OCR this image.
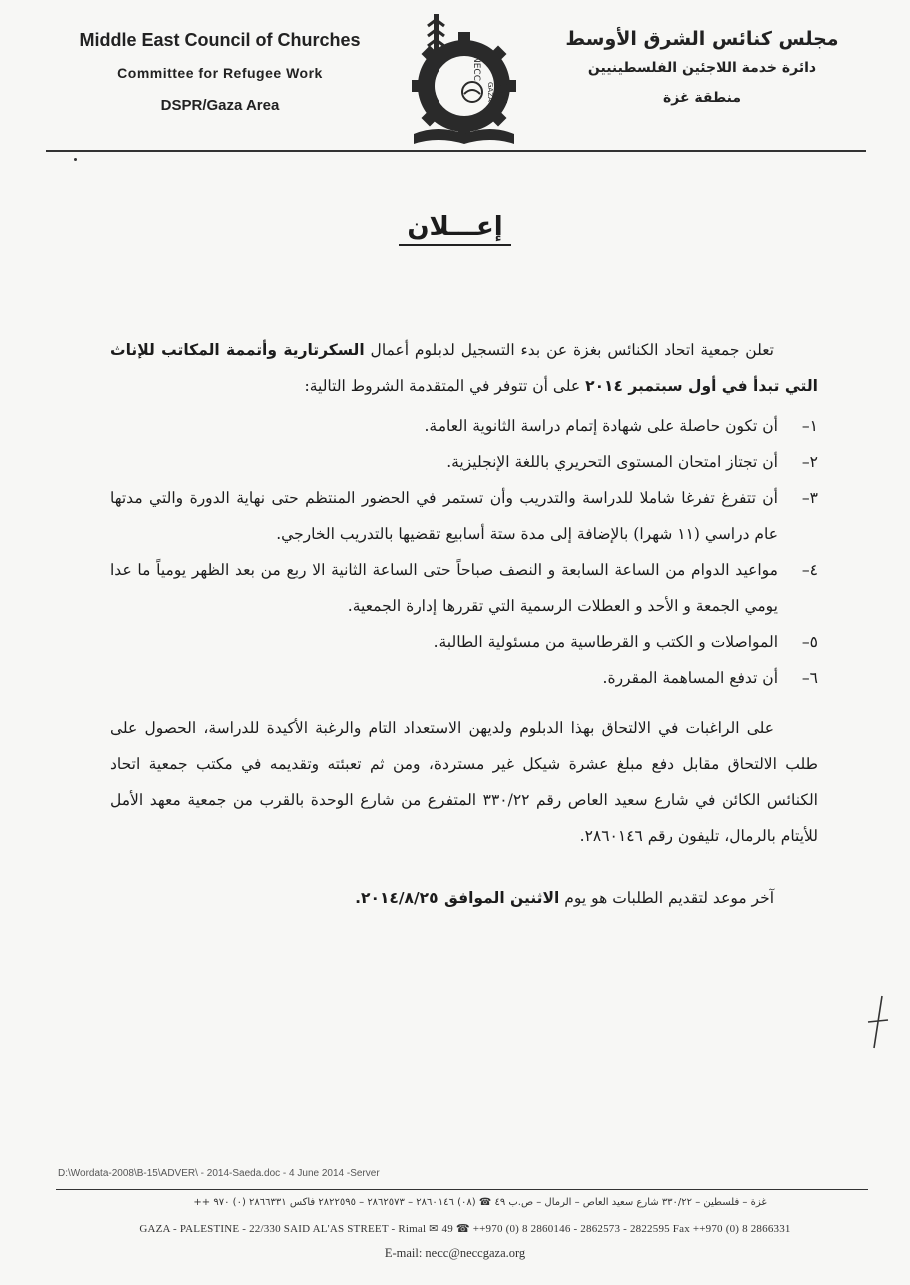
Middle East Council of Churches
Committee for Refugee Work
DSPR/Gaza Area
NECC
GAZA CRW
مجلس كنائس الشرق الأوسط
دائرة خدمة اللاجئين الفلسطينيين
منطقة غزة
إعـــلان

تعلن جمعية اتحاد الكنائس بغزة عن بدء التسجيل لدبلوم أعمال السكرتارية وأتممة المكاتب للإناث التي تبدأ في أول سبتمبر ٢٠١٤ على أن تتوفر في المتقدمة الشروط التالية:

١–
أن تكون حاصلة على شهادة إتمام دراسة الثانوية العامة.
٢–
أن تجتاز امتحان المستوى التحريري باللغة الإنجليزية.
٣–
أن تتفرغ تفرغا شاملا للدراسة والتدريب وأن تستمر في الحضور المنتظم حتى نهاية الدورة والتي مدتها عام دراسي (١١ شهرا) بالإضافة إلى مدة ستة أسابيع تقضيها بالتدريب الخارجي.
٤–
مواعيد الدوام من الساعة السابعة و النصف صباحاً حتى الساعة الثانية الا ربع من بعد الظهر يومياً ما عدا يومي الجمعة و الأحد و العطلات الرسمية التي تقررها إدارة الجمعية.
٥–
المواصلات و الكتب و القرطاسية من مسئولية الطالبة.
٦–
أن تدفع المساهمة المقررة.

على الراغبات في الالتحاق بهذا الدبلوم ولديهن الاستعداد التام والرغبة الأكيدة للدراسة، الحصول على طلب الالتحاق مقابل دفع مبلغ عشرة شيكل غير مستردة، ومن ثم تعبئته وتقديمه في مكتب جمعية اتحاد الكنائس الكائن في شارع سعيد العاص رقم ٣٣٠/٢٢ المتفرع من شارع الوحدة بالقرب من جمعية معهد الأمل للأيتام بالرمال، تليفون رقم ٢٨٦٠١٤٦.

آخر موعد لتقديم الطلبات هو يوم الاثنين الموافق ٢٠١٤/٨/٢٥.

D:\Wordata-2008\B-15\ADVER\ - 2014-Saeda.doc - 4 June 2014 -Server
غزة – فلسطين – ٣٣٠/٢٢ شارع سعيد العاص – الرمال – ص.ب ٤٩ ☎ (٠٨) ٢٨٦٠١٤٦ – ٢٨٦٢٥٧٣ – ٢٨٢٢٥٩٥ فاكس ٢٨٦٦٣٣١ (٠) ٩٧٠ ++
GAZA - PALESTINE - 22/330 SAID AL'AS STREET - Rimal ✉ 49 ☎ ++970 (0) 8 2860146 - 2862573 - 2822595 Fax ++970 (0) 8 2866331
E-mail: necc@neccgaza.org
